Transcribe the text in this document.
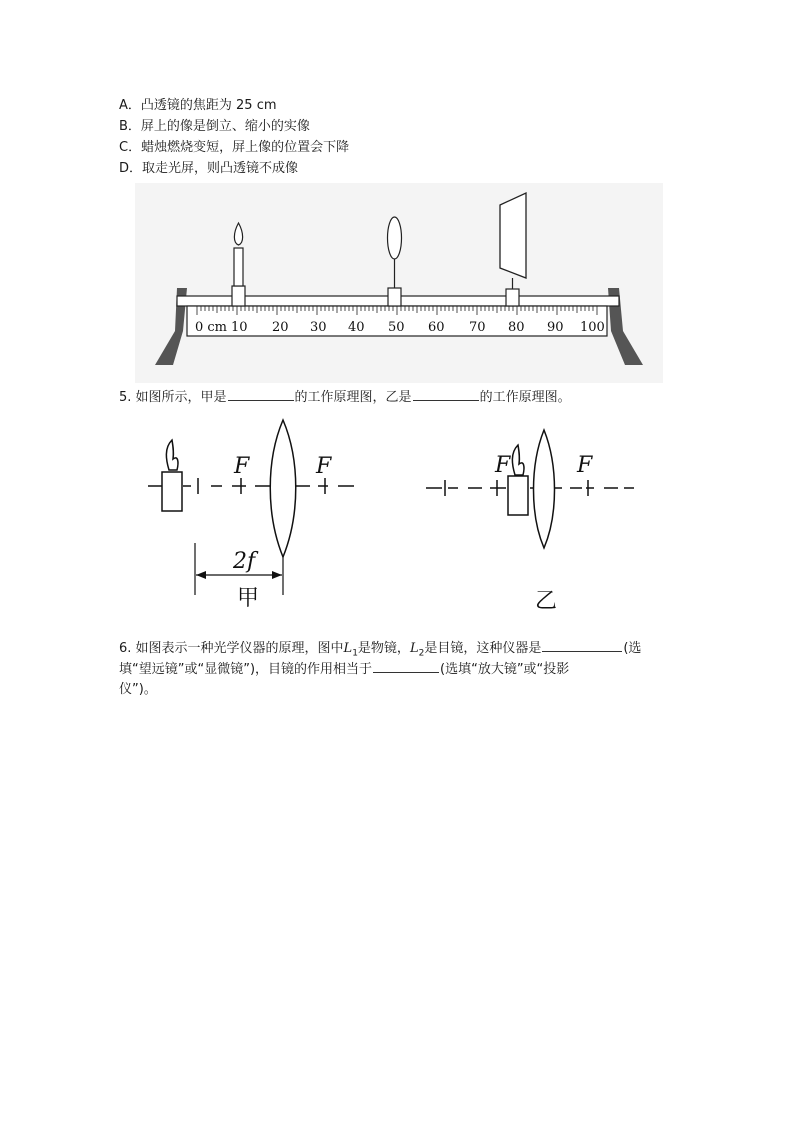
A．凸透镜的焦距为 25 cm
B．屏上的像是倒立、缩小的实像
C．蜡烛燃烧变短，屏上像的位置会下降
D．取走光屏，则凸透镜不成像
0 cm 10 20 30 40 50 60 70 80 90 100
5. 如图所示，甲是	的工作原理图，乙是	的工作原理图。
F	F
2f
甲
F	F
乙
6. 如图表示一种光学仪器的原理，图中$L_1$是物镜，$L_2$是目镜，这种仪器是	(选
填“望远镜”或“显微镜”)，目镜的作用相当于	(选填“放大镜”或“投影
仪”)。
